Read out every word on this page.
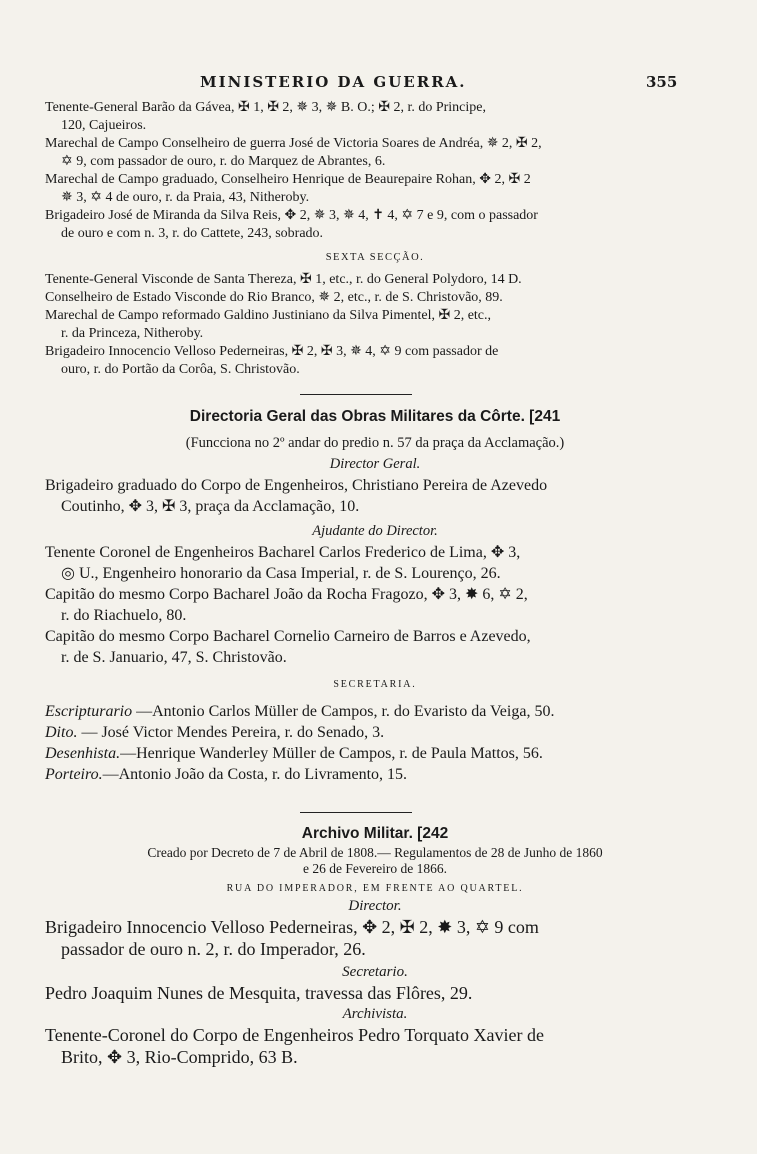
MINISTERIO DA GUERRA.	355

Tenente-General Barão da Gávea, ✠ 1, ✠ 2, ✵ 3, ✵ B. O.; ✠ 2, r. do Principe,
120, Cajueiros.

Marechal de Campo Conselheiro de guerra José de Victoria Soares de Andréa, ✵ 2, ✠ 2,
✡ 9, com passador de ouro, r. do Marquez de Abrantes, 6.

Marechal de Campo graduado, Conselheiro Henrique de Beaurepaire Rohan, ✥ 2, ✠ 2
✵ 3, ✡ 4 de ouro, r. da Praia, 43, Nitheroby.

Brigadeiro José de Miranda da Silva Reis, ✥ 2, ✵ 3, ✵ 4, ✝ 4, ✡ 7 e 9, com o passador
de ouro e com n. 3, r. do Cattete, 243, sobrado.

SEXTA SECÇÃO.

Tenente-General Visconde de Santa Thereza, ✠ 1, etc., r. do General Polydoro, 14 D.

Conselheiro de Estado Visconde do Rio Branco, ✵ 2, etc., r. de S. Christovão, 89.

Marechal de Campo reformado Galdino Justiniano da Silva Pimentel, ✠ 2, etc.,
r. da Princeza, Nitheroby.

Brigadeiro Innocencio Velloso Pederneiras, ✠ 2, ✠ 3, ✵ 4, ✡ 9 com passador de
ouro, r. do Portão da Corôa, S. Christovão.

Directoria Geral das Obras Militares da Côrte. [241

(Funcciona no 2º andar do predio n. 57 da praça da Acclamação.)

Director Geral.

Brigadeiro graduado do Corpo de Engenheiros, Christiano Pereira de Azevedo
Coutinho, ✥ 3, ✠ 3, praça da Acclamação, 10.

Ajudante do Director.

Tenente Coronel de Engenheiros Bacharel Carlos Frederico de Lima, ✥ 3,
◎ U., Engenheiro honorario da Casa Imperial, r. de S. Lourenço, 26.

Capitão do mesmo Corpo Bacharel João da Rocha Fragozo, ✥ 3, ✸ 6, ✡ 2,
r. do Riachuelo, 80.

Capitão do mesmo Corpo Bacharel Cornelio Carneiro de Barros e Azevedo,
r. de S. Januario, 47, S. Christovão.

SECRETARIA.

Escripturario —Antonio Carlos Müller de Campos, r. do Evaristo da Veiga, 50.

Dito. — José Victor Mendes Pereira, r. do Senado, 3.

Desenhista.—Henrique Wanderley Müller de Campos, r. de Paula Mattos, 56.

Porteiro.—Antonio João da Costa, r. do Livramento, 15.

Archivo Militar. [242

Creado por Decreto de 7 de Abril de 1808.— Regulamentos de 28 de Junho de 1860

e 26 de Fevereiro de 1866.

RUA DO IMPERADOR, EM FRENTE AO QUARTEL.

Director.

Brigadeiro Innocencio Velloso Pederneiras, ✥ 2, ✠ 2, ✸ 3, ✡ 9 com
passador de ouro n. 2, r. do Imperador, 26.

Secretario.

Pedro Joaquim Nunes de Mesquita, travessa das Flôres, 29.

Archivista.

Tenente-Coronel do Corpo de Engenheiros Pedro Torquato Xavier de
Brito, ✥ 3, Rio-Comprido, 63 B.
